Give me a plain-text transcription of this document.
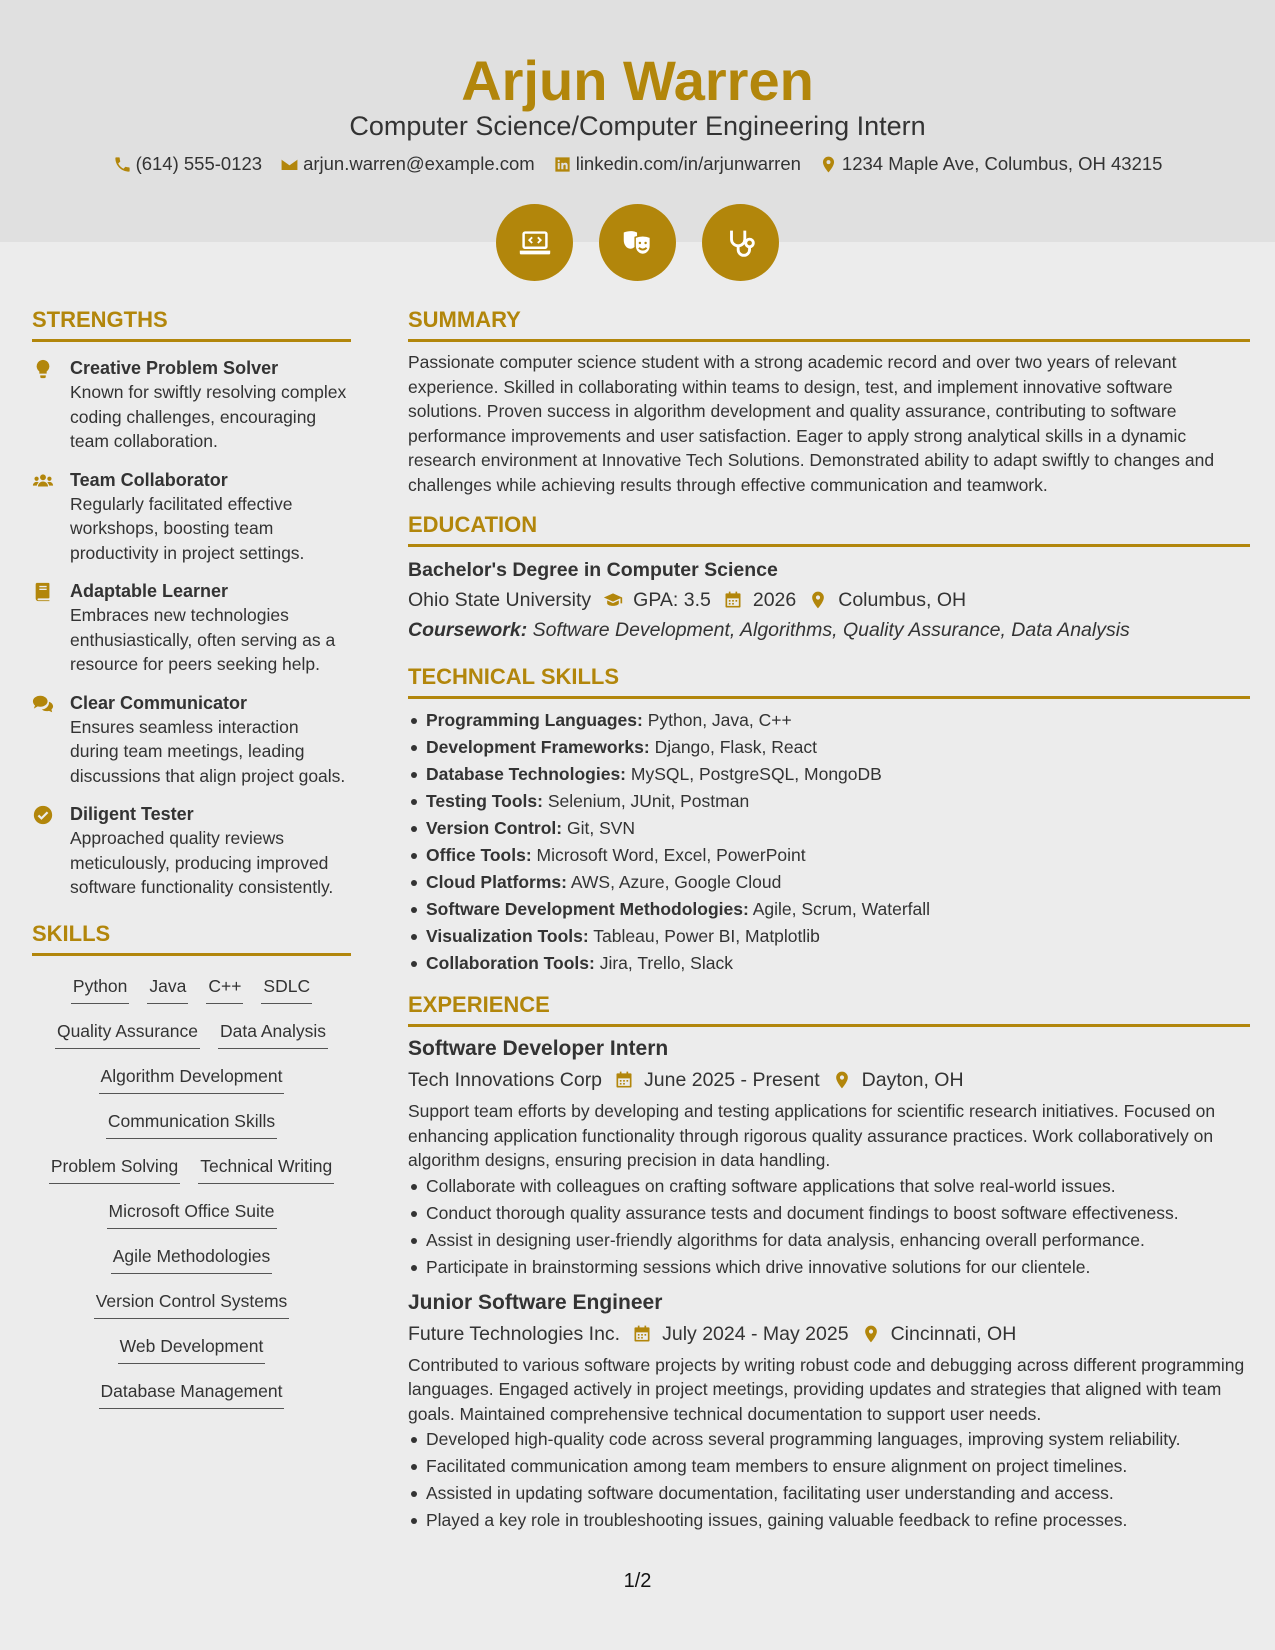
Arjun Warren
Computer Science/Computer Engineering Intern
(614) 555-0123 arjun.warren@example.com linkedin.com/in/arjunwarren 1234 Maple Ave, Columbus, OH 43215
STRENGTHS
Creative Problem Solver
Known for swiftly resolving complex coding challenges, encouraging team collaboration.
Team Collaborator
Regularly facilitated effective workshops, boosting team productivity in project settings.
Adaptable Learner
Embraces new technologies enthusiastically, often serving as a resource for peers seeking help.
Clear Communicator
Ensures seamless interaction during team meetings, leading discussions that align project goals.
Diligent Tester
Approached quality reviews meticulously, producing improved software functionality consistently.
SKILLS
Python Java C++ SDLC
Quality Assurance Data Analysis
Algorithm Development
Communication Skills
Problem Solving Technical Writing
Microsoft Office Suite
Agile Methodologies
Version Control Systems
Web Development
Database Management
SUMMARY
Passionate computer science student with a strong academic record and over two years of relevant experience. Skilled in collaborating within teams to design, test, and implement innovative software solutions. Proven success in algorithm development and quality assurance, contributing to software performance improvements and user satisfaction. Eager to apply strong analytical skills in a dynamic research environment at Innovative Tech Solutions. Demonstrated ability to adapt swiftly to changes and challenges while achieving results through effective communication and teamwork.
EDUCATION
Bachelor's Degree in Computer Science
Ohio State University GPA: 3.5 2026 Columbus, OH
Coursework: Software Development, Algorithms, Quality Assurance, Data Analysis
TECHNICAL SKILLS
Programming Languages: Python, Java, C++
Development Frameworks: Django, Flask, React
Database Technologies: MySQL, PostgreSQL, MongoDB
Testing Tools: Selenium, JUnit, Postman
Version Control: Git, SVN
Office Tools: Microsoft Word, Excel, PowerPoint
Cloud Platforms: AWS, Azure, Google Cloud
Software Development Methodologies: Agile, Scrum, Waterfall
Visualization Tools: Tableau, Power BI, Matplotlib
Collaboration Tools: Jira, Trello, Slack
EXPERIENCE
Software Developer Intern
Tech Innovations Corp June 2025 - Present Dayton, OH
Support team efforts by developing and testing applications for scientific research initiatives. Focused on enhancing application functionality through rigorous quality assurance practices. Work collaboratively on algorithm designs, ensuring precision in data handling.
Collaborate with colleagues on crafting software applications that solve real-world issues.
Conduct thorough quality assurance tests and document findings to boost software effectiveness.
Assist in designing user-friendly algorithms for data analysis, enhancing overall performance.
Participate in brainstorming sessions which drive innovative solutions for our clientele.
Junior Software Engineer
Future Technologies Inc. July 2024 - May 2025 Cincinnati, OH
Contributed to various software projects by writing robust code and debugging across different programming languages. Engaged actively in project meetings, providing updates and strategies that aligned with team goals. Maintained comprehensive technical documentation to support user needs.
Developed high-quality code across several programming languages, improving system reliability.
Facilitated communication among team members to ensure alignment on project timelines.
Assisted in updating software documentation, facilitating user understanding and access.
Played a key role in troubleshooting issues, gaining valuable feedback to refine processes.
1/2
